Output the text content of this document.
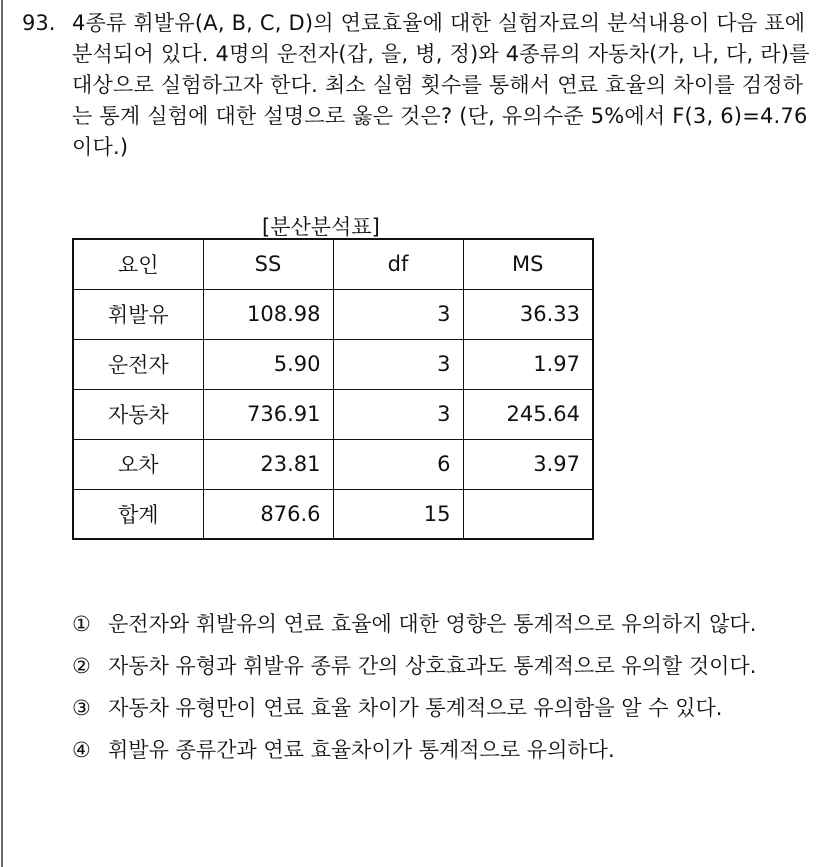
93. 4종류 휘발유(A, B, C, D)의 연료효율에 대한 실험자료의 분석내용이 다음 표에 분석되어 있다. 4명의 운전자(갑, 을, 병, 정)와 4종류의 자동차(가, 나, 다, 라)를 대상으로 실험하고자 한다. 최소 실험 횟수를 통해서 연료 효율의 차이를 검정하는 통계 실험에 대한 설명으로 옳은 것은? (단, 유의수준 5%에서 F(3, 6)=4.76 이다.)
[분산분석표]
요인	SS	df	MS
휘발유	108.98	3	36.33
운전자	5.90	3	1.97
자동차	736.91	3	245.64
오차	23.81	6	3.97
합계	876.6	15	
① 운전자와 휘발유의 연료 효율에 대한 영향은 통계적으로 유의하지 않다.
② 자동차 유형과 휘발유 종류 간의 상호효과도 통계적으로 유의할 것이다.
③ 자동차 유형만이 연료 효율 차이가 통계적으로 유의함을 알 수 있다.
④ 휘발유 종류간과 연료 효율차이가 통계적으로 유의하다.
